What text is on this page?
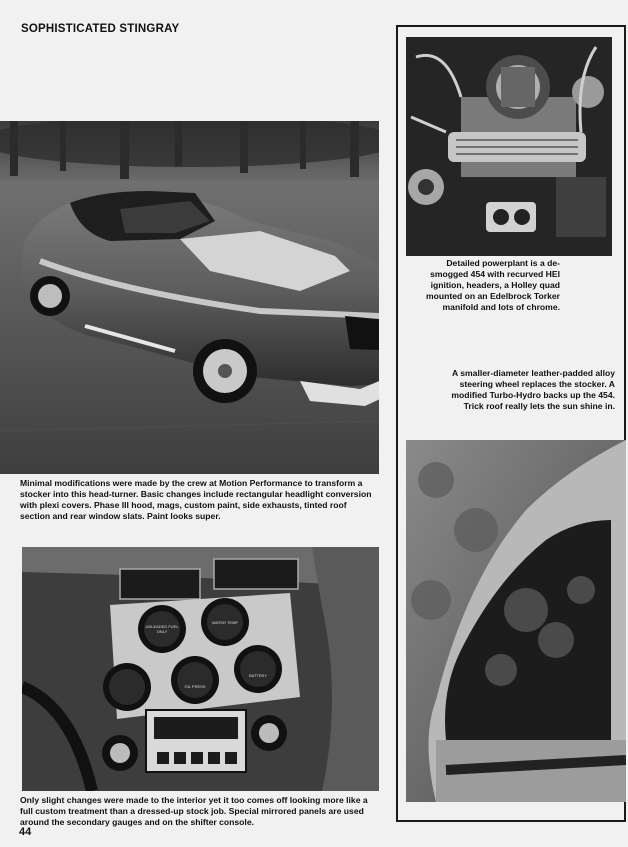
SOPHISTICATED STINGRAY
Minimal modifications were made by the crew at Motion Performance to transform a stocker into this head-turner. Basic changes include rectangular headlight conversion with plexi covers. Phase III hood, mags, custom paint, side exhausts, tinted roof section and rear window slats. Paint looks super.
UNLEADED FUEL ONLY
WATER TEMP
OIL PRESS
BATTERY
Only slight changes were made to the interior yet it too comes off looking more like a full custom treatment than a dressed-up stock job. Special mirrored panels are used around the secondary gauges and on the shifter console.
Detailed powerplant is a de-smogged 454 with recurved HEI ignition, headers, a Holley quad mounted on an Edelbrock Torker manifold and lots of chrome.
A smaller-diameter leather-padded alloy steering wheel replaces the stocker. A modified Turbo-Hydro backs up the 454. Trick roof really lets the sun shine in.
44
